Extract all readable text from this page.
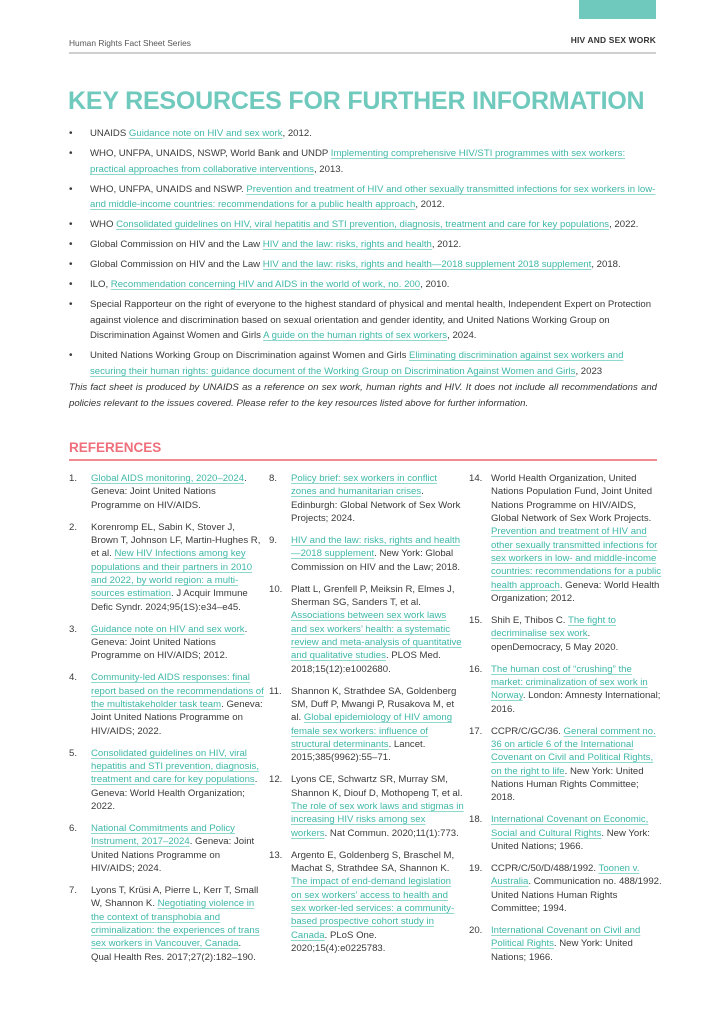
Human Rights Fact Sheet Series	HIV AND SEX WORK
KEY RESOURCES FOR FURTHER INFORMATION
• UNAIDS Guidance note on HIV and sex work, 2012.
• WHO, UNFPA, UNAIDS, NSWP, World Bank and UNDP Implementing comprehensive HIV/STI programmes with sex workers: practical approaches from collaborative interventions, 2013.
• WHO, UNFPA, UNAIDS and NSWP. Prevention and treatment of HIV and other sexually transmitted infections for sex workers in low- and middle-income countries: recommendations for a public health approach, 2012.
• WHO Consolidated guidelines on HIV, viral hepatitis and STI prevention, diagnosis, treatment and care for key populations, 2022.
• Global Commission on HIV and the Law HIV and the law: risks, rights and health, 2012.
• Global Commission on HIV and the Law HIV and the law: risks, rights and health—2018 supplement 2018 supplement, 2018.
• ILO, Recommendation concerning HIV and AIDS in the world of work, no. 200, 2010.
• Special Rapporteur on the right of everyone to the highest standard of physical and mental health, Independent Expert on Protection against violence and discrimination based on sexual orientation and gender identity, and United Nations Working Group on Discrimination Against Women and Girls A guide on the human rights of sex workers, 2024.
• United Nations Working Group on Discrimination against Women and Girls Eliminating discrimination against sex workers and securing their human rights: guidance document of the Working Group on Discrimination Against Women and Girls, 2023

This fact sheet is produced by UNAIDS as a reference on sex work, human rights and HIV. It does not include all recommendations and policies relevant to the issues covered. Please refer to the key resources listed above for further information.

REFERENCES
1. Global AIDS monitoring, 2020–2024. Geneva: Joint United Nations Programme on HIV/AIDS.
2. Korenromp EL, Sabin K, Stover J, Brown T, Johnson LF, Martin-Hughes R, et al. New HIV Infections among key populations and their partners in 2010 and 2022, by world region: a multi-sources estimation. J Acquir Immune Defic Syndr. 2024;95(1S):e34–e45.
3. Guidance note on HIV and sex work. Geneva: Joint United Nations Programme on HIV/AIDS; 2012.
4. Community-led AIDS responses: final report based on the recommendations of the multistakeholder task team. Geneva: Joint United Nations Programme on HIV/AIDS; 2022.
5. Consolidated guidelines on HIV, viral hepatitis and STI prevention, diagnosis, treatment and care for key populations. Geneva: World Health Organization; 2022.
6. National Commitments and Policy Instrument, 2017–2024. Geneva: Joint United Nations Programme on HIV/AIDS; 2024.
7. Lyons T, Krüsi A, Pierre L, Kerr T, Small W, Shannon K. Negotiating violence in the context of transphobia and criminalization: the experiences of trans sex workers in Vancouver, Canada. Qual Health Res. 2017;27(2):182–190.
8. Policy brief: sex workers in conflict zones and humanitarian crises. Edinburgh: Global Network of Sex Work Projects; 2024.
9. HIV and the law: risks, rights and health—2018 supplement. New York: Global Commission on HIV and the Law; 2018.
10. Platt L, Grenfell P, Meiksin R, Elmes J, Sherman SG, Sanders T, et al. Associations between sex work laws and sex workers’ health: a systematic review and meta-analysis of quantitative and qualitative studies. PLOS Med. 2018;15(12):e1002680.
11. Shannon K, Strathdee SA, Goldenberg SM, Duff P, Mwangi P, Rusakova M, et al. Global epidemiology of HIV among female sex workers: influence of structural determinants. Lancet. 2015;385(9962):55–71.
12. Lyons CE, Schwartz SR, Murray SM, Shannon K, Diouf D, Mothopeng T, et al. The role of sex work laws and stigmas in increasing HIV risks among sex workers. Nat Commun. 2020;11(1):773.
13. Argento E, Goldenberg S, Braschel M, Machat S, Strathdee SA, Shannon K. The impact of end-demand legislation on sex workers’ access to health and sex worker-led services: a community-based prospective cohort study in Canada. PLoS One. 2020;15(4):e0225783.
14. World Health Organization, United Nations Population Fund, Joint United Nations Programme on HIV/AIDS, Global Network of Sex Work Projects. Prevention and treatment of HIV and other sexually transmitted infections for sex workers in low- and middle-income countries: recommendations for a public health approach. Geneva: World Health Organization; 2012.
15. Shih E, Thibos C. The fight to decriminalise sex work. openDemocracy, 5 May 2020.
16. The human cost of “crushing” the market: criminalization of sex work in Norway. London: Amnesty International; 2016.
17. CCPR/C/GC/36. General comment no. 36 on article 6 of the International Covenant on Civil and Political Rights, on the right to life. New York: United Nations Human Rights Committee; 2018.
18. International Covenant on Economic, Social and Cultural Rights. New York: United Nations; 1966.
19. CCPR/C/50/D/488/1992. Toonen v. Australia. Communication no. 488/1992. United Nations Human Rights Committee; 1994.
20. International Covenant on Civil and Political Rights. New York: United Nations; 1966.
